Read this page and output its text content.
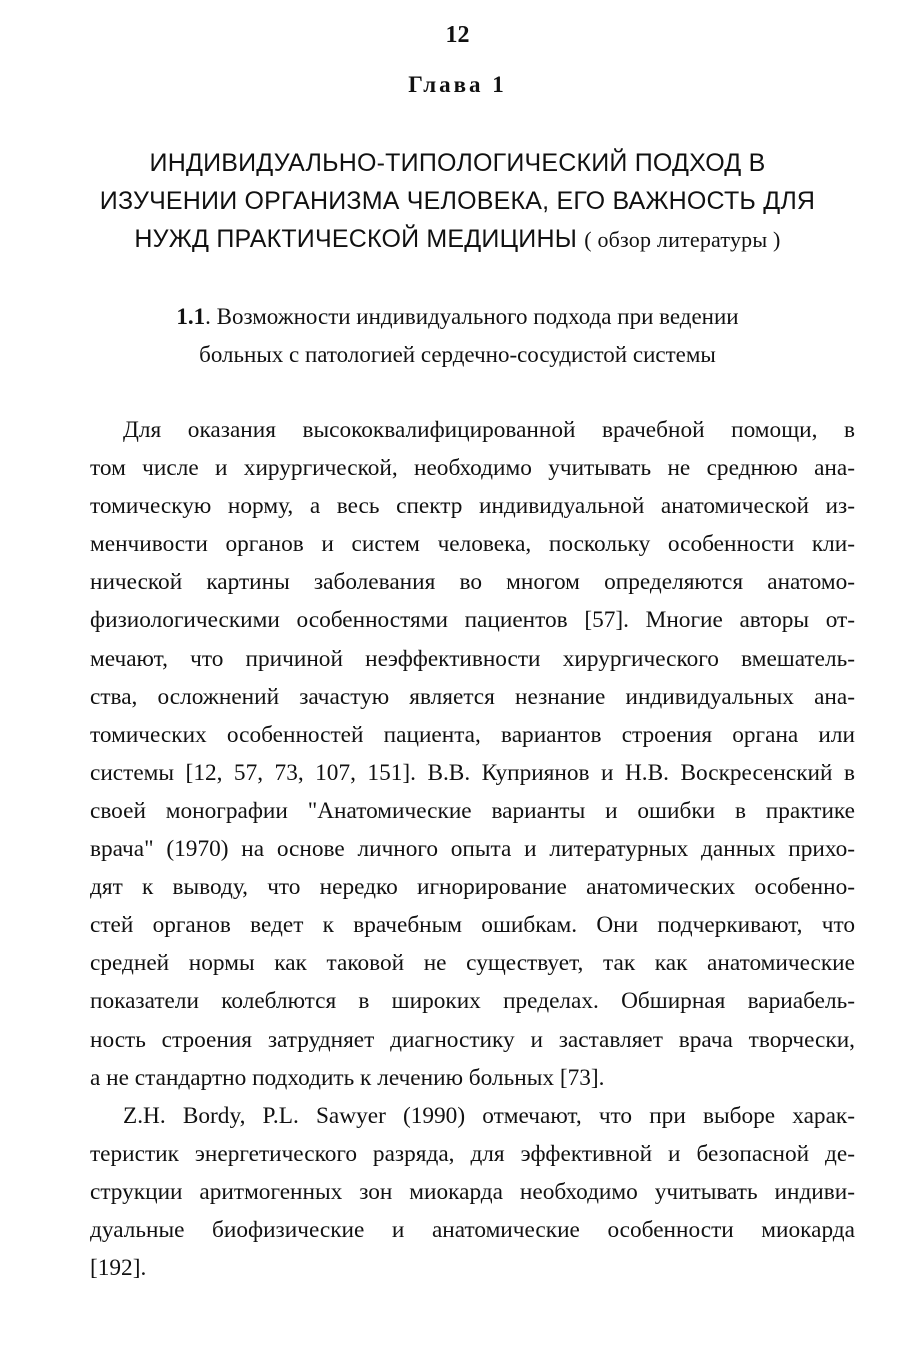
12
Глава 1
ИНДИВИДУАЛЬНО-ТИПОЛОГИЧЕСКИЙ ПОДХОД В
ИЗУЧЕНИИ ОРГАНИЗМА ЧЕЛОВЕКА, ЕГО ВАЖНОСТЬ ДЛЯ
НУЖД ПРАКТИЧЕСКОЙ МЕДИЦИНЫ ( обзор литературы )
1.1. Возможности индивидуального подхода при ведении
больных с патологией сердечно-сосудистой системы
Для оказания высококвалифицированной врачебной помощи, в
том числе и хирургической, необходимо учитывать не среднюю ана-
томическую норму, а весь спектр индивидуальной анатомической из-
менчивости органов и систем человека, поскольку особенности кли-
нической картины заболевания во многом определяются анатомо-
физиологическими особенностями пациентов [57]. Многие авторы от-
мечают, что причиной неэффективности хирургического вмешатель-
ства, осложнений зачастую является незнание индивидуальных ана-
томических особенностей пациента, вариантов строения органа или
системы [12, 57, 73, 107, 151]. В.В. Куприянов и Н.В. Воскресенский в
своей монографии "Анатомические варианты и ошибки в практике
врача" (1970) на основе личного опыта и литературных данных прихо-
дят к выводу, что нередко игнорирование анатомических особенно-
стей органов ведет к врачебным ошибкам. Они подчеркивают, что
средней нормы как таковой не существует, так как анатомические
показатели колеблются в широких пределах. Обширная вариабель-
ность строения затрудняет диагностику и заставляет врача творчески,
а не стандартно подходить к лечению больных [73].
Z.H. Bordy, P.L. Sawyer (1990) отмечают, что при выборе харак-
теристик энергетического разряда, для эффективной и безопасной де-
струкции аритмогенных зон миокарда необходимо учитывать индиви-
дуальные биофизические и анатомические особенности миокарда
[192].
